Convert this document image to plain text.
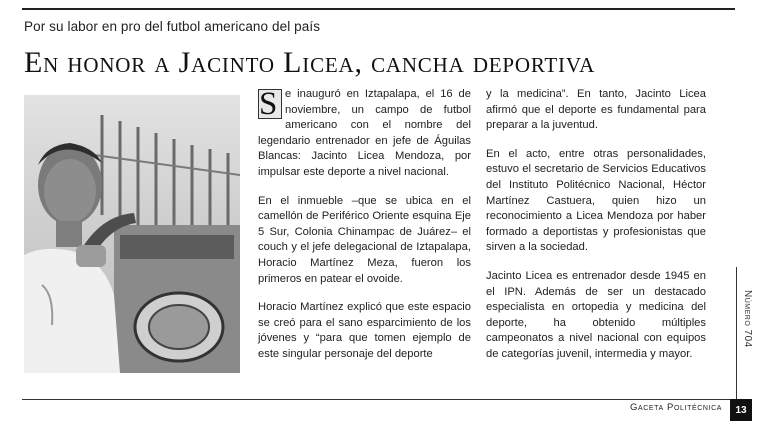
Por su labor en pro del futbol americano del país
En honor a Jacinto Licea, cancha deportiva

S e inauguró en Iztapalapa, el 16 de noviembre, un campo de futbol americano con el nombre del legendario entrenador en jefe de Águilas Blancas: Jacinto Licea Mendoza, por impulsar este deporte a nivel nacional.

En el inmueble –que se ubica en el camellón de Periférico Oriente esquina Eje 5 Sur, Colonia Chinampac de Juárez– el couch y el jefe delegacional de Iztapalapa, Horacio Martínez Meza, fueron los primeros en patear el ovoide.

Horacio Martínez explicó que este espacio se creó para el sano esparcimiento de los jóvenes y “para que tomen ejemplo de este singular personaje del deporte

y la medicina”. En tanto, Jacinto Licea afirmó que el deporte es fundamental para preparar a la juventud.

En el acto, entre otras personalidades, estuvo el secretario de Servicios Educativos del Instituto Politécnico Nacional, Héctor Martínez Castuera, quien hizo un reconocimiento a Licea Mendoza por haber formado a deportistas y profesionistas que sirven a la sociedad.

Jacinto Licea es entrenador desde 1945 en el IPN. Además de ser un destacado especialista en ortopedia y medicina del deporte, ha obtenido múltiples campeonatos a nivel nacional con equipos de categorías juvenil, intermedia y mayor.

Número 704
Gaceta Politécnica	13
